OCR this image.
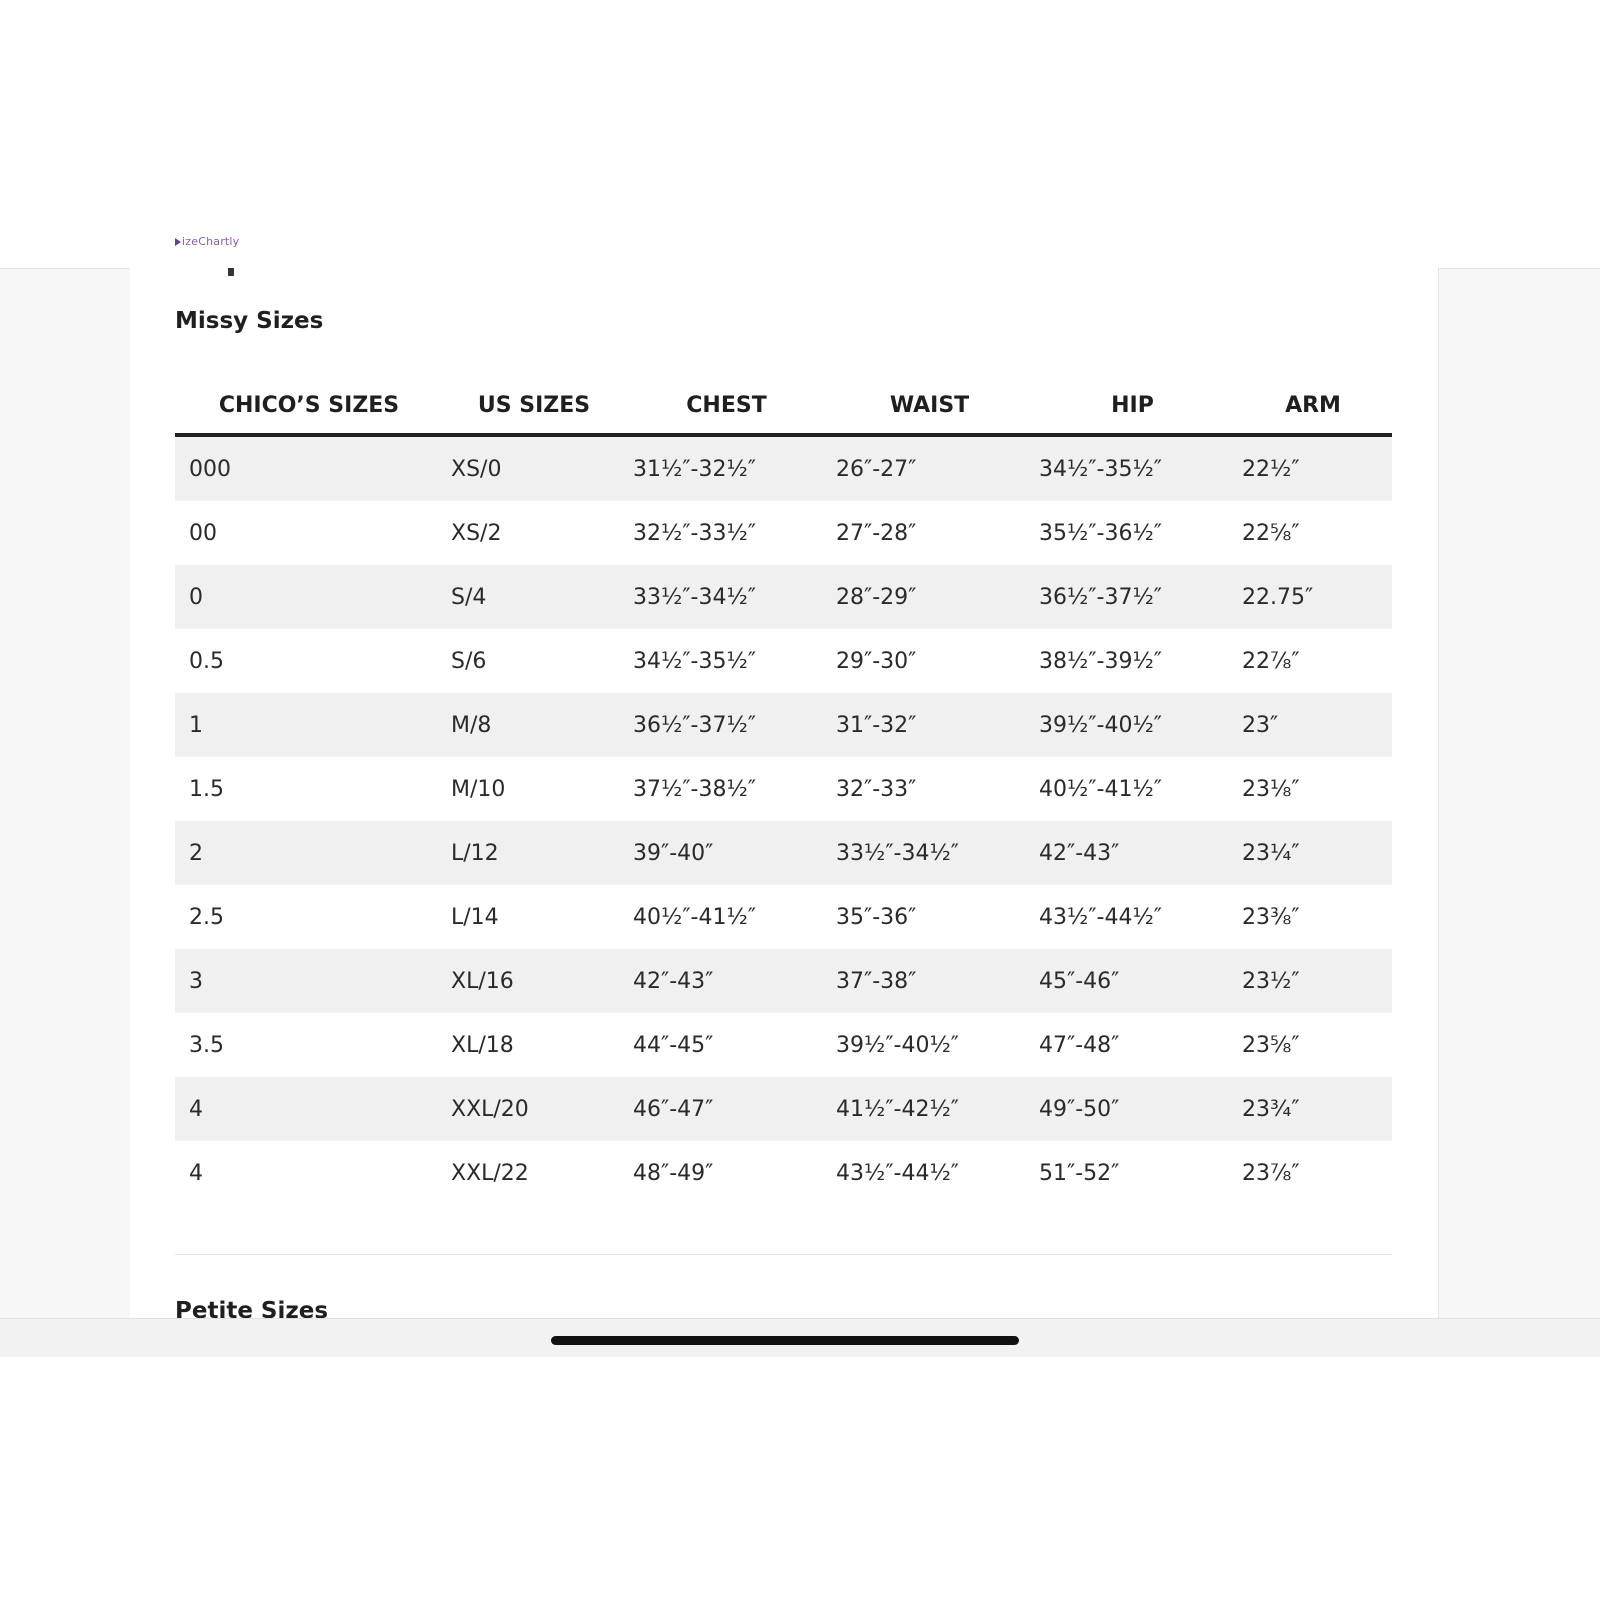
izeChartly
Missy Sizes
CHICO’S SIZES	US SIZES	CHEST	WAIST	HIP	ARM
000	XS/0	31½″-32½″	26″-27″	34½″-35½″	22½″
00	XS/2	32½″-33½″	27″-28″	35½″-36½″	22⅝″
0	S/4	33½″-34½″	28″-29″	36½″-37½″	22.75″
0.5	S/6	34½″-35½″	29″-30″	38½″-39½″	22⅞″
1	M/8	36½″-37½″	31″-32″	39½″-40½″	23″
1.5	M/10	37½″-38½″	32″-33″	40½″-41½″	23⅛″
2	L/12	39″-40″	33½″-34½″	42″-43″	23¼″
2.5	L/14	40½″-41½″	35″-36″	43½″-44½″	23⅜″
3	XL/16	42″-43″	37″-38″	45″-46″	23½″
3.5	XL/18	44″-45″	39½″-40½″	47″-48″	23⅝″
4	XXL/20	46″-47″	41½″-42½″	49″-50″	23¾″
4	XXL/22	48″-49″	43½″-44½″	51″-52″	23⅞″
Petite Sizes
